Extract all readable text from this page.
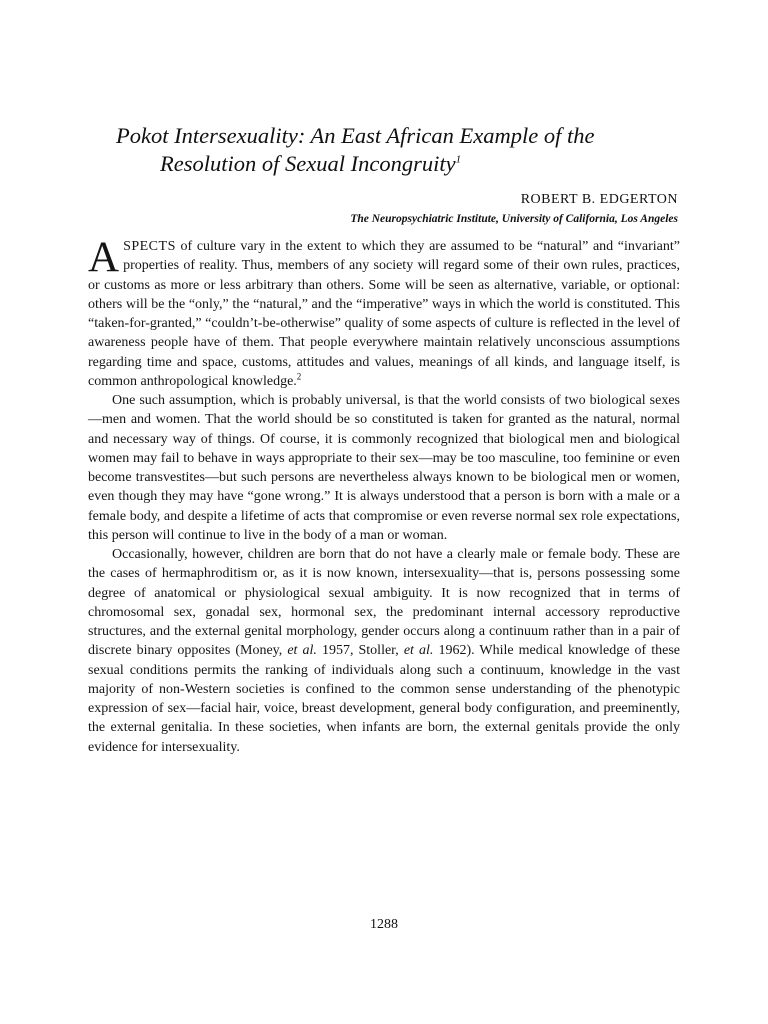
Pokot Intersexuality: An East African Example of the
Resolution of Sexual Incongruity$^1$
ROBERT B. EDGERTON
The Neuropsychiatric Institute, University of California, Los Angeles

ASPECTS of culture vary in the extent to which they are assumed to be “natural” and “invariant” properties of reality. Thus, members of any society will regard some of their own rules, practices, or customs as more or less arbitrary than others. Some will be seen as alternative, variable, or optional: others will be the “only,” the “natural,” and the “imperative” ways in which the world is constituted. This “taken-for-granted,” “couldn’t-be-otherwise” quality of some aspects of culture is reflected in the level of awareness people have of them. That people everywhere maintain relatively unconscious assumptions regarding time and space, customs, attitudes and values, meanings of all kinds, and language itself, is common anthropological knowledge.$^2$

One such assumption, which is probably universal, is that the world consists of two biological sexes—men and women. That the world should be so constituted is taken for granted as the natural, normal and necessary way of things. Of course, it is commonly recognized that biological men and biological women may fail to behave in ways appropriate to their sex—may be too masculine, too feminine or even become transvestites—but such persons are nevertheless always known to be biological men or women, even though they may have “gone wrong.” It is always understood that a person is born with a male or a female body, and despite a lifetime of acts that compromise or even reverse normal sex role expectations, this person will continue to live in the body of a man or woman.

Occasionally, however, children are born that do not have a clearly male or female body. These are the cases of hermaphroditism or, as it is now known, intersexuality—that is, persons possessing some degree of anatomical or physiological sexual ambiguity. It is now recognized that in terms of chromosomal sex, gonadal sex, hormonal sex, the predominant internal accessory reproductive structures, and the external genital morphology, gender occurs along a continuum rather than in a pair of discrete binary opposites (Money, et al. 1957, Stoller, et al. 1962). While medical knowledge of these sexual conditions permits the ranking of individuals along such a continuum, knowledge in the vast majority of non-Western societies is confined to the common sense understanding of the phenotypic expression of sex—facial hair, voice, breast development, general body configuration, and preeminently, the external genitalia. In these societies, when infants are born, the external genitals provide the only evidence for intersexuality.

1288
